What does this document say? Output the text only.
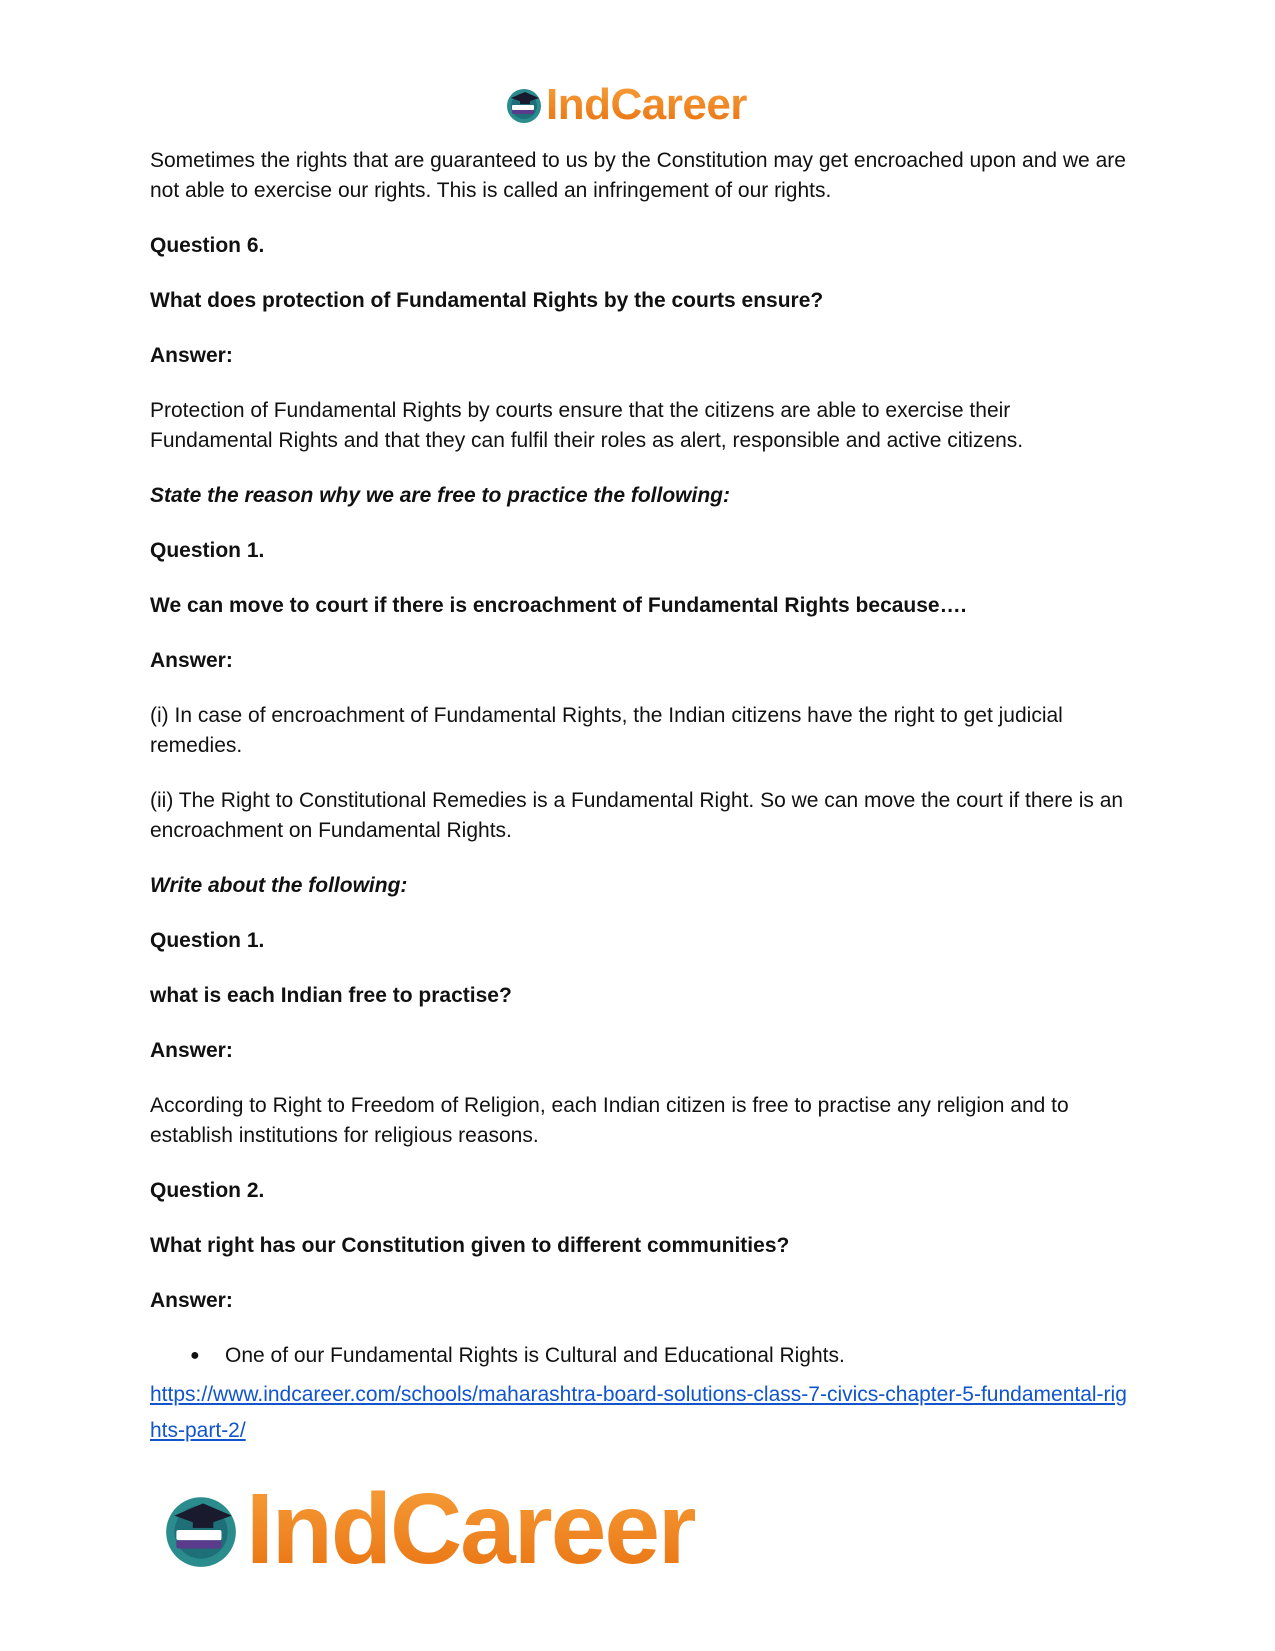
IndCareer

Sometimes the rights that are guaranteed to us by the Constitution may get encroached upon and we are not able to exercise our rights. This is called an infringement of our rights.

Question 6.

What does protection of Fundamental Rights by the courts ensure?

Answer:

Protection of Fundamental Rights by courts ensure that the citizens are able to exercise their Fundamental Rights and that they can fulfil their roles as alert, responsible and active citizens.

State the reason why we are free to practice the following:

Question 1.

We can move to court if there is encroachment of Fundamental Rights because….

Answer:

(i) In case of encroachment of Fundamental Rights, the Indian citizens have the right to get judicial remedies.

(ii) The Right to Constitutional Remedies is a Fundamental Right. So we can move the court if there is an encroachment on Fundamental Rights.

Write about the following:

Question 1.

what is each Indian free to practise?

Answer:

According to Right to Freedom of Religion, each Indian citizen is free to practise any religion and to establish institutions for religious reasons.

Question 2.

What right has our Constitution given to different communities?

Answer:

● One of our Fundamental Rights is Cultural and Educational Rights.
https://www.indcareer.com/schools/maharashtra-board-solutions-class-7-civics-chapter-5-fundamental-rights-part-2/
IndCareer
